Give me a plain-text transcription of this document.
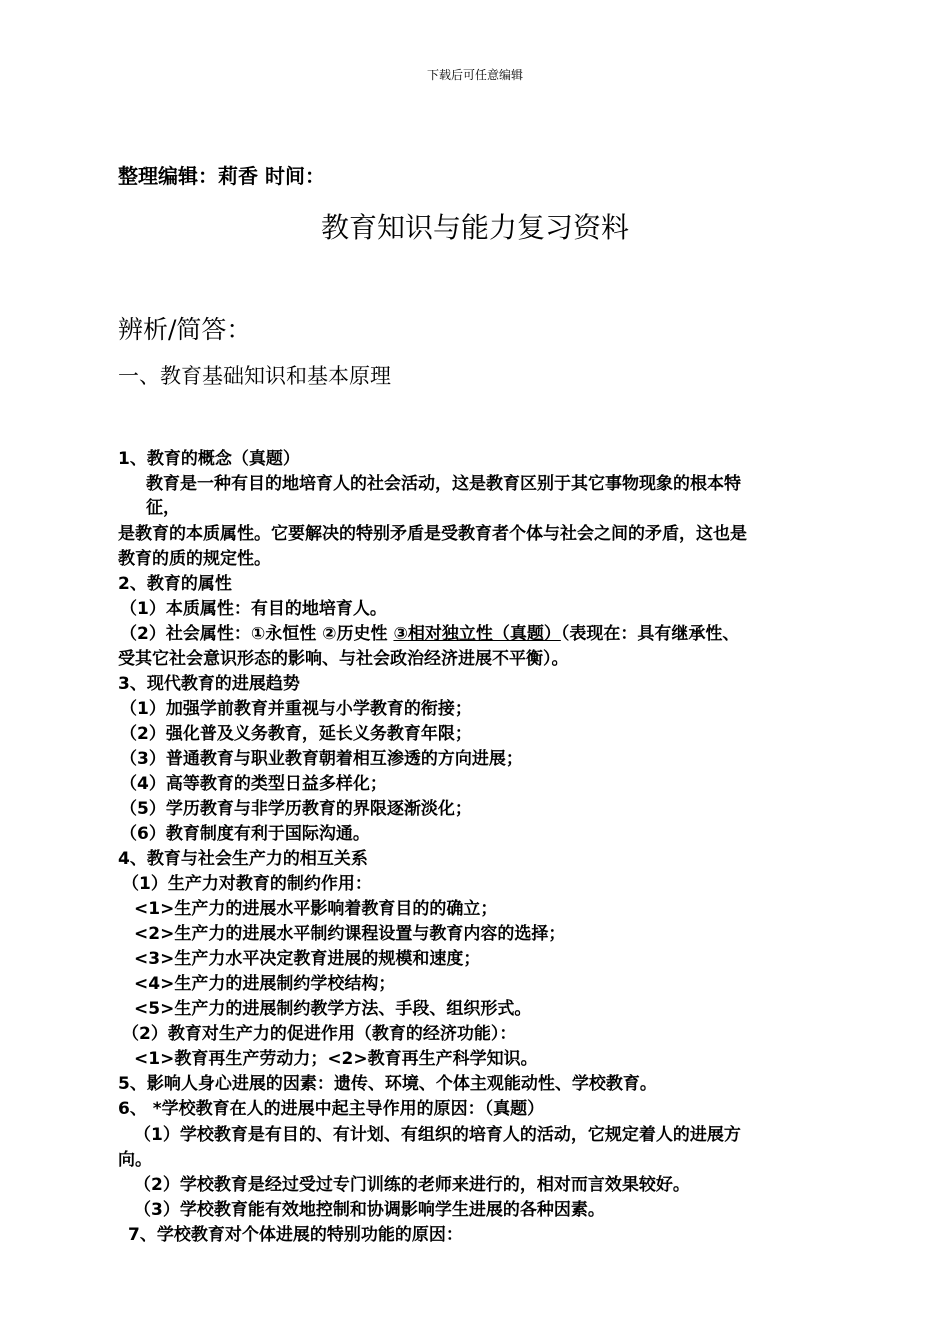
下载后可任意编辑
整理编辑：莉香 时间：
教育知识与能力复习资料
辨析/简答：
一、教育基础知识和基本原理
1、教育的概念（真题）
教育是一种有目的地培育人的社会活动，这是教育区别于其它事物现象的根本特
征，
是教育的本质属性。它要解决的特别矛盾是受教育者个体与社会之间的矛盾，这也是
教育的质的规定性。
2、教育的属性
（1）本质属性：有目的地培育人。
（2）社会属性：①永恒性 ②历史性 ③相对独立性（真题）（表现在：具有继承性、
受其它社会意识形态的影响、与社会政治经济进展不平衡）。
3、现代教育的进展趋势
（1）加强学前教育并重视与小学教育的衔接；
（2）强化普及义务教育，延长义务教育年限；
（3）普通教育与职业教育朝着相互渗透的方向进展；
（4）高等教育的类型日益多样化；
（5）学历教育与非学历教育的界限逐渐淡化；
（6）教育制度有利于国际沟通。
4、教育与社会生产力的相互关系
（1）生产力对教育的制约作用：
<1>生产力的进展水平影响着教育目的的确立；
<2>生产力的进展水平制约课程设置与教育内容的选择；
<3>生产力水平决定教育进展的规模和速度；
<4>生产力的进展制约学校结构；
<5>生产力的进展制约教学方法、手段、组织形式。
（2）教育对生产力的促进作用（教育的经济功能）：
<1>教育再生产劳动力；<2>教育再生产科学知识。
5、影响人身心进展的因素：遗传、环境、个体主观能动性、学校教育。
6、 *学校教育在人的进展中起主导作用的原因：（真题）
（1）学校教育是有目的、有计划、有组织的培育人的活动，它规定着人的进展方
向。
（2）学校教育是经过受过专门训练的老师来进行的，相对而言效果较好。
（3）学校教育能有效地控制和协调影响学生进展的各种因素。
7、学校教育对个体进展的特别功能的原因：
